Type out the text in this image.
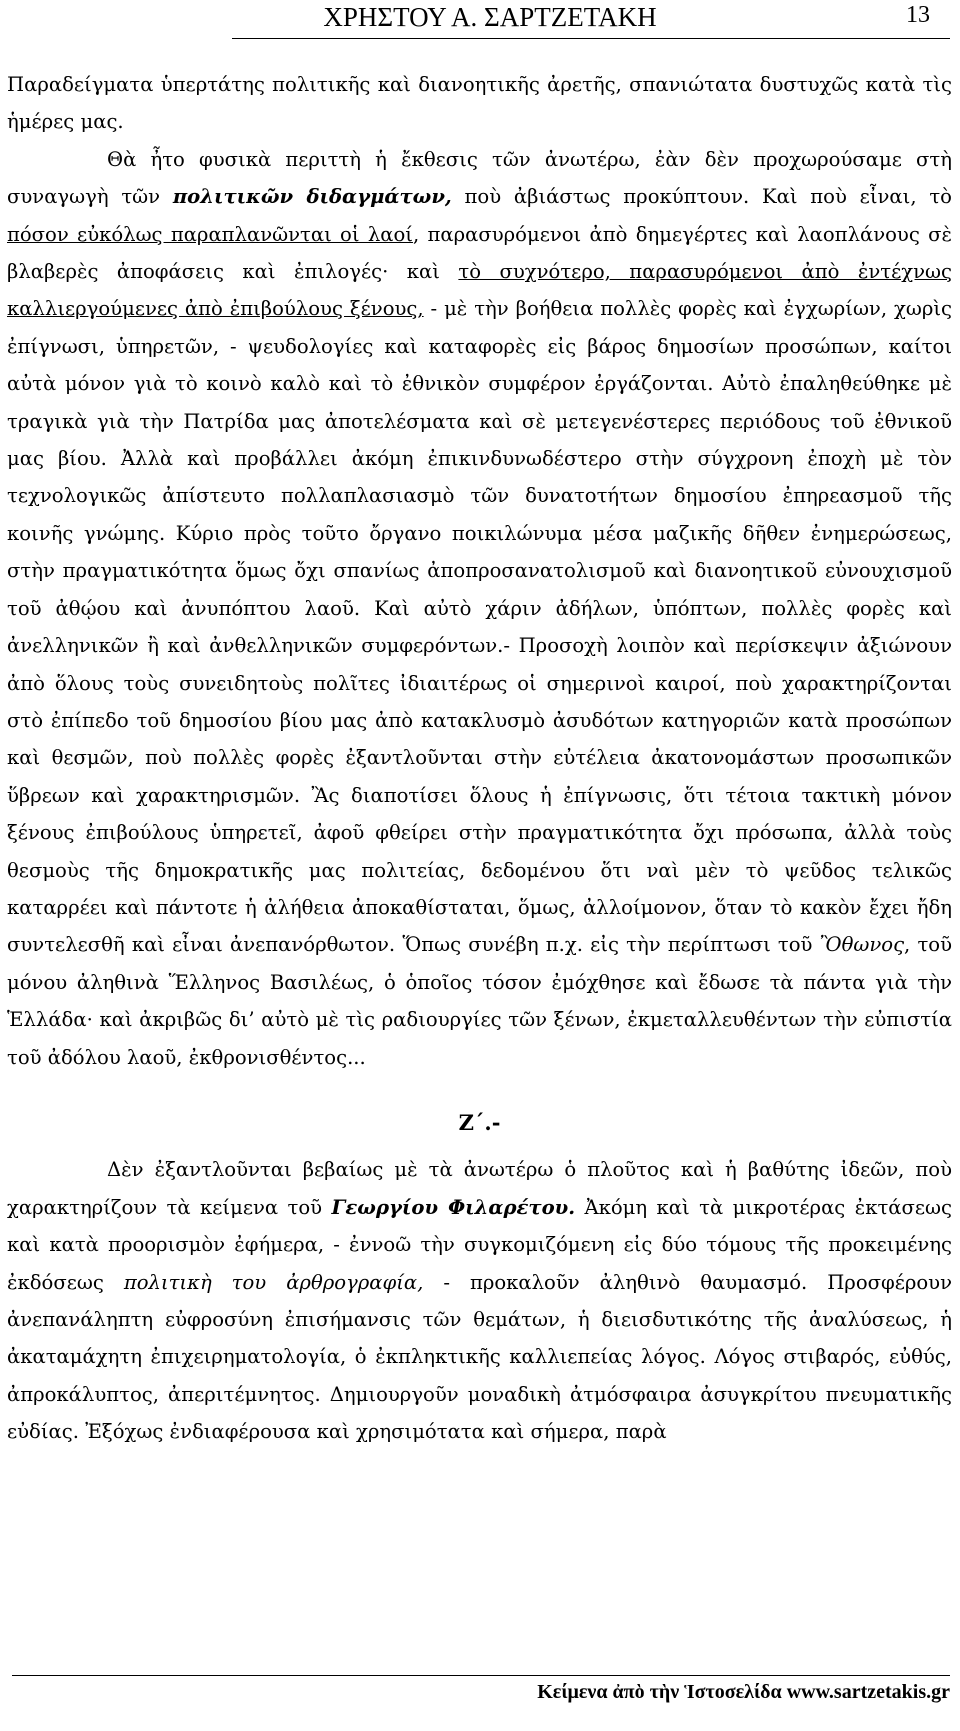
ΧΡΗΣΤΟΥ Α. ΣΑΡΤΖΕΤΑΚΗ	13

Παραδείγματα ὑπερτάτης πολιτικῆς καὶ διανοητικῆς ἀρετῆς, σπανιώτατα δυστυχῶς κατὰ τὶς ἡμέρες μας.

Θὰ ἦτο φυσικὰ περιττὴ ἡ ἔκθεσις τῶν ἀνωτέρω, ἐὰν δὲν προχωρούσαμε στὴ συναγωγὴ τῶν πολιτικῶν διδαγμάτων, ποὺ ἀβιάστως προκύπτουν. Καὶ ποὺ εἶναι, τὸ πόσον εὐκόλως παραπλανῶνται οἱ λαοί, παρασυρόμενοι ἀπὸ δημεγέρτες καὶ λαοπλάνους σὲ βλαβερὲς ἀποφάσεις καὶ ἐπιλογές· καὶ τὸ συχνότερο, παρασυρόμενοι ἀπὸ ἐντέχνως καλλιεργούμενες ἀπὸ ἐπιβούλους ξένους, - μὲ τὴν βοήθεια πολλὲς φορὲς καὶ ἐγχωρίων, χωρὶς ἐπίγνωσι, ὑπηρετῶν, - ψευδολογίες καὶ καταφορὲς εἰς βάρος δημοσίων προσώπων, καίτοι αὐτὰ μόνον γιὰ τὸ κοινὸ καλὸ καὶ τὸ ἐθνικὸν συμφέρον ἐργάζονται. Αὐτὸ ἐπαληθεύθηκε μὲ τραγικὰ γιὰ τὴν Πατρίδα μας ἀποτελέσματα καὶ σὲ μετεγενέστερες περιόδους τοῦ ἐθνικοῦ μας βίου. Ἀλλὰ καὶ προβάλλει ἀκόμη ἐπικινδυνωδέστερο στὴν σύγχρονη ἐποχὴ μὲ τὸν τεχνολογικῶς ἀπίστευτο πολλαπλασιασμὸ τῶν δυνατοτήτων δημοσίου ἐπηρεασμοῦ τῆς κοινῆς γνώμης. Κύριο πρὸς τοῦτο ὄργανο ποικιλώνυμα μέσα μαζικῆς δῆθεν ἐνημερώσεως, στὴν πραγματικότητα ὅμως ὄχι σπανίως ἀποπροσανατολισμοῦ καὶ διανοητικοῦ εὐνουχισμοῦ τοῦ ἀθῴου καὶ ἀνυπόπτου λαοῦ. Καὶ αὐτὸ χάριν ἀδήλων, ὑπόπτων, πολλὲς φορὲς καὶ ἀνελληνικῶν ἢ καὶ ἀνθελληνικῶν συμφερόντων.- Προσοχὴ λοιπὸν καὶ περίσκεψιν ἀξιώνουν ἀπὸ ὅλους τοὺς συνειδητοὺς πολῖτες ἰδιαιτέρως οἱ σημερινοὶ καιροί, ποὺ χαρακτηρίζονται στὸ ἐπίπεδο τοῦ δημοσίου βίου μας ἀπὸ κατακλυσμὸ ἀσυδότων κατηγοριῶν κατὰ προσώπων καὶ θεσμῶν, ποὺ πολλὲς φορὲς ἐξαντλοῦνται στὴν εὐτέλεια ἀκατονομάστων προσωπικῶν ὕβρεων καὶ χαρακτηρισμῶν. Ἂς διαποτίσει ὅλους ἡ ἐπίγνωσις, ὅτι τέτοια τακτικὴ μόνον ξένους ἐπιβούλους ὑπηρετεῖ, ἀφοῦ φθείρει στὴν πραγματικότητα ὄχι πρόσωπα, ἀλλὰ τοὺς θεσμοὺς τῆς δημοκρατικῆς μας πολιτείας, δεδομένου ὅτι ναὶ μὲν τὸ ψεῦδος τελικῶς καταρρέει καὶ πάντοτε ἡ ἀλήθεια ἀποκαθίσταται, ὅμως, ἀλλοίμονον, ὅταν τὸ κακὸν ἔχει ἤδη συντελεσθῆ καὶ εἶναι ἀνεπανόρθωτον. Ὅπως συνέβη π.χ. εἰς τὴν περίπτωσι τοῦ Ὂθωνος, τοῦ μόνου ἀληθινὰ Ἕλληνος Βασιλέως, ὁ ὁποῖος τόσον ἐμόχθησε καὶ ἔδωσε τὰ πάντα γιὰ τὴν Ἑλλάδα· καὶ ἀκριβῶς δι’ αὐτὸ μὲ τὶς ραδιουργίες τῶν ξένων, ἐκμεταλλευθέντων τὴν εὐπιστία τοῦ ἀδόλου λαοῦ, ἐκθρονισθέντος...

Ζ΄.-

Δὲν ἐξαντλοῦνται βεβαίως μὲ τὰ ἀνωτέρω ὁ πλοῦτος καὶ ἡ βαθύτης ἰδεῶν, ποὺ χαρακτηρίζουν τὰ κείμενα τοῦ Γεωργίου Φιλαρέτου. Ἀκόμη καὶ τὰ μικροτέρας ἐκτάσεως καὶ κατὰ προορισμὸν ἐφήμερα, - ἐννοῶ τὴν συγκομιζόμενη εἰς δύο τόμους τῆς προκειμένης ἐκδόσεως πολιτικὴ του ἀρθρογραφία, - προκαλοῦν ἀληθινὸ θαυμασμό. Προσφέρουν ἀνεπανάληπτη εὐφροσύνη ἐπισήμανσις τῶν θεμάτων, ἡ διεισδυτικότης τῆς ἀναλύσεως, ἡ ἀκαταμάχητη ἐπιχειρηματολογία, ὁ ἐκπληκτικῆς καλλιεπείας λόγος. Λόγος στιβαρός, εὐθύς, ἀπροκάλυπτος, ἀπεριτέμνητος. Δημιουργοῦν μοναδικὴ ἀτμόσφαιρα ἀσυγκρίτου πνευματικῆς εὐδίας. Ἐξόχως ἐνδιαφέρουσα καὶ χρησιμότατα καὶ σήμερα, παρὰ

Κείμενα ἀπὸ τὴν Ἱστοσελίδα www.sartzetakis.gr
